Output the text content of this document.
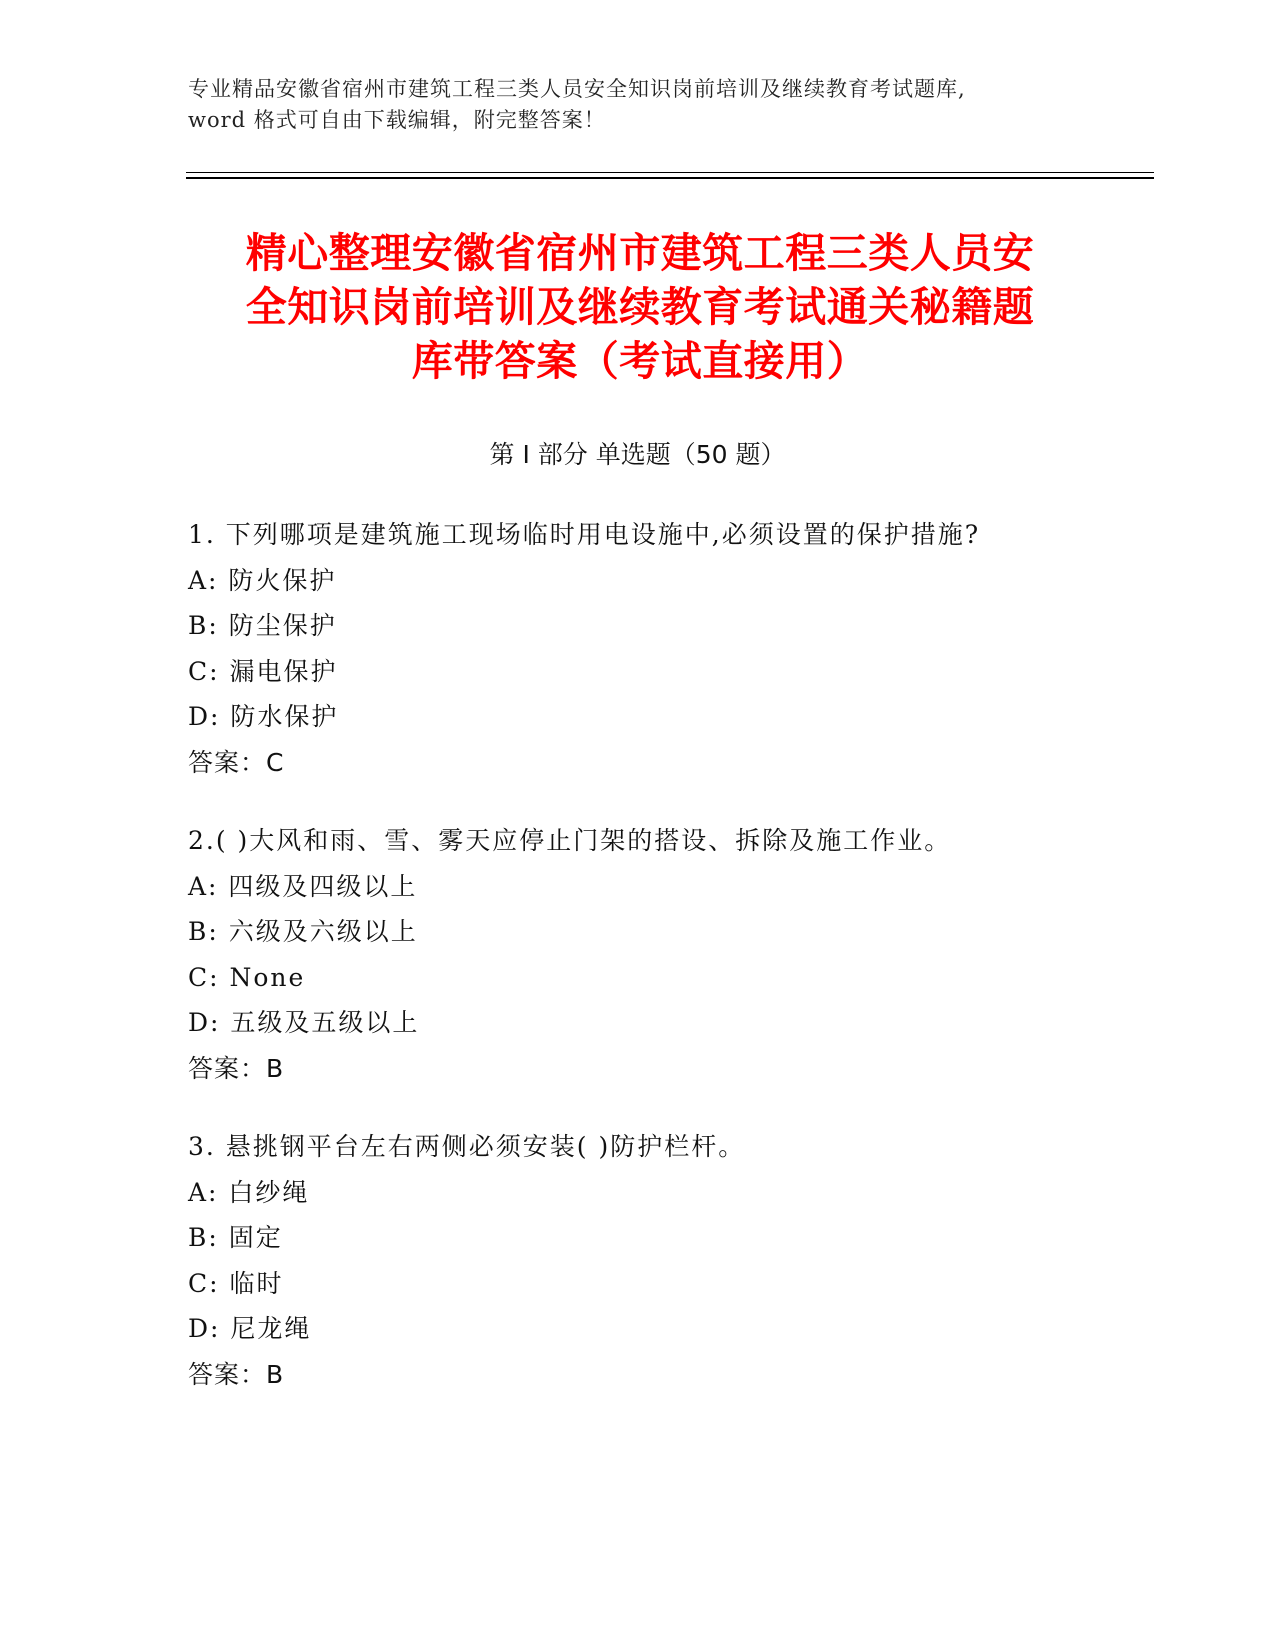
专业精品安徽省宿州市建筑工程三类人员安全知识岗前培训及继续教育考试题库,
word 格式可自由下载编辑，附完整答案！
精心整理安徽省宿州市建筑工程三类人员安
全知识岗前培训及继续教育考试通关秘籍题
库带答案（考试直接用）
第 I 部分 单选题（50 题）
1. 下列哪项是建筑施工现场临时用电设施中,必须设置的保护措施?
A: 防火保护
B: 防尘保护
C: 漏电保护
D: 防水保护
答案：C
2.( )大风和雨、雪、雾天应停止门架的搭设、拆除及施工作业。
A: 四级及四级以上
B: 六级及六级以上
C: None
D: 五级及五级以上
答案：B
3. 悬挑钢平台左右两侧必须安装( )防护栏杆。
A: 白纱绳
B: 固定
C: 临时
D: 尼龙绳
答案：B
